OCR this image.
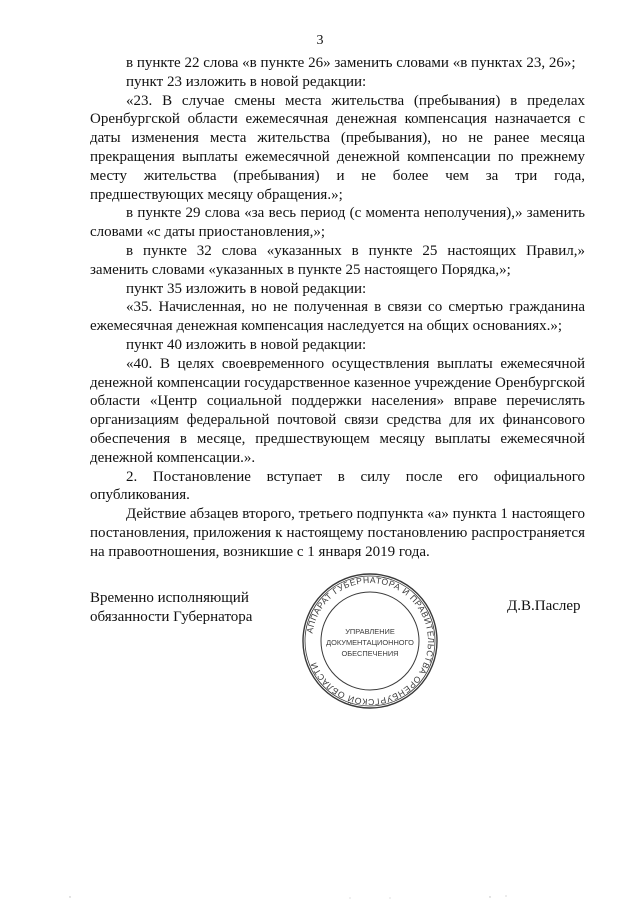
3

в пункте 22 слова «в пункте 26» заменить словами «в пунктах 23, 26»;

пункт 23 изложить в новой редакции:

«23. В случае смены места жительства (пребывания) в пределах Оренбургской области ежемесячная денежная компенсация назначается с даты изменения места жительства (пребывания), но не ранее месяца прекращения выплаты ежемесячной денежной компенсации по прежнему месту жительства (пребывания) и не более чем за три года, предшествующих месяцу обращения.»;

в пункте 29 слова «за весь период (с момента неполучения),» заменить словами «с даты приостановления,»;

в пункте 32 слова «указанных в пункте 25 настоящих Правил,» заменить словами «указанных в пункте 25 настоящего Порядка,»;

пункт 35 изложить в новой редакции:

«35. Начисленная, но не полученная в связи со смертью гражданина ежемесячная денежная компенсация наследуется на общих основаниях.»;

пункт 40 изложить в новой редакции:

«40. В целях своевременного осуществления выплаты ежемесячной денежной компенсации государственное казенное учреждение Оренбургской области «Центр социальной поддержки населения» вправе перечислять организациям федеральной почтовой связи средства для их финансового обеспечения в месяце, предшествующем месяцу выплаты ежемесячной денежной компенсации.».

2. Постановление вступает в силу после его официального опубликования.

Действие абзацев второго, третьего подпункта «а» пункта 1 настоящего постановления, приложения к настоящему постановлению распространяется на правоотношения, возникшие с 1 января 2019 года.

Временно исполняющий
обязанности Губернатора
АППАРАТ ГУБЕРНАТОРА И ПРАВИТЕЛЬСТВА ОРЕНБУРГСКОЙ ОБЛАСТИ
УПРАВЛЕНИЕ
ДОКУМЕНТАЦИОННОГО
ОБЕСПЕЧЕНИЯ
Д.В.Паслер
